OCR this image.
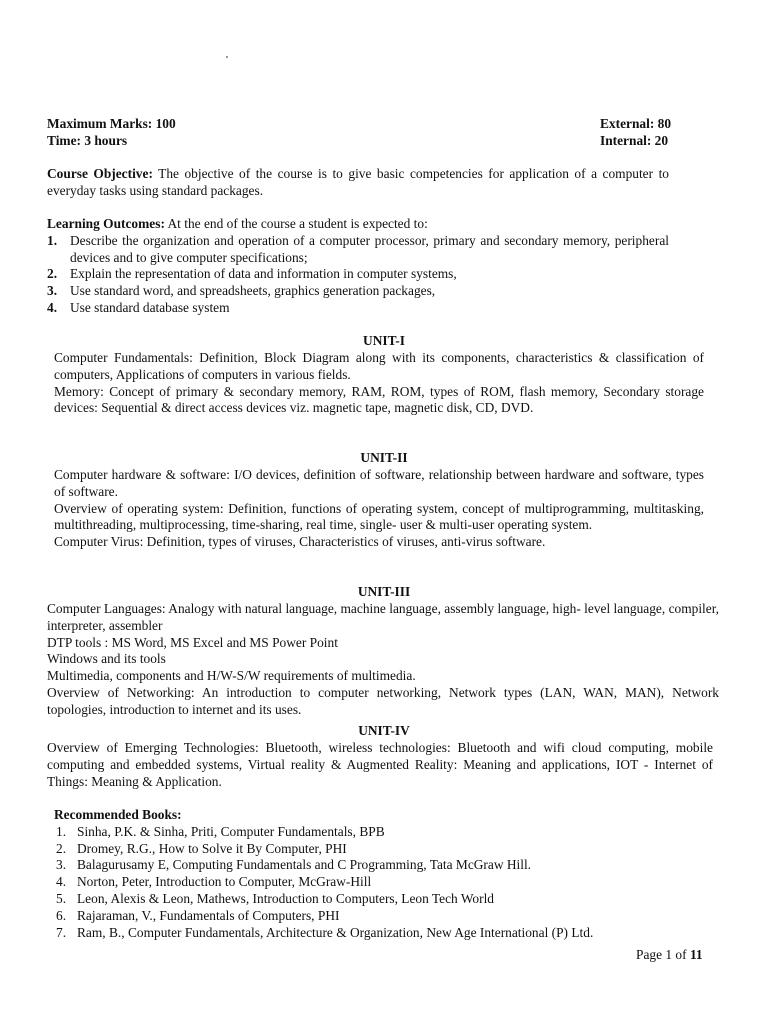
Maximum Marks: 100
Time: 3 hours
External: 80
Internal: 20
Course Objective: The objective of the course is to give basic competencies for application of a computer to everyday tasks using standard packages.
Learning Outcomes: At the end of the course a student is expected to:
1. Describe the organization and operation of a computer processor, primary and secondary memory, peripheral devices and to give computer specifications;
2. Explain the representation of data and information in computer systems,
3. Use standard word, and spreadsheets, graphics generation packages,
4. Use standard database system
UNIT-I

Computer Fundamentals: Definition, Block Diagram along with its components, characteristics & classification of computers, Applications of computers in various fields.

Memory: Concept of primary & secondary memory, RAM, ROM, types of ROM, flash memory, Secondary storage devices: Sequential & direct access devices viz. magnetic tape, magnetic disk, CD, DVD.

UNIT-II

Computer hardware & software: I/O devices, definition of software, relationship between hardware and software, types of software.

Overview of operating system: Definition, functions of operating system, concept of multiprogramming, multitasking, multithreading, multiprocessing, time-sharing, real time, single- user & multi-user operating system.

Computer Virus: Definition, types of viruses, Characteristics of viruses, anti-virus software.

UNIT-III

Computer Languages: Analogy with natural language, machine language, assembly language, high- level language, compiler, interpreter, assembler

DTP tools : MS Word, MS Excel and MS Power Point

Windows and its tools

Multimedia, components and H/W-S/W requirements of multimedia.

Overview of Networking: An introduction to computer networking, Network types (LAN, WAN, MAN), Network topologies, introduction to internet and its uses.

UNIT-IV

Overview of Emerging Technologies: Bluetooth, wireless technologies: Bluetooth and wifi cloud computing, mobile computing and embedded systems, Virtual reality & Augmented Reality: Meaning and applications, IOT - Internet of Things: Meaning & Application.

Recommended Books:
1. Sinha, P.K. & Sinha, Priti, Computer Fundamentals, BPB
2. Dromey, R.G., How to Solve it By Computer, PHI
3. Balagurusamy E, Computing Fundamentals and C Programming, Tata McGraw Hill.
4. Norton, Peter, Introduction to Computer, McGraw-Hill
5. Leon, Alexis & Leon, Mathews, Introduction to Computers, Leon Tech World
6. Rajaraman, V., Fundamentals of Computers, PHI
7. Ram, B., Computer Fundamentals, Architecture & Organization, New Age International (P) Ltd.
Page 1 of 11
